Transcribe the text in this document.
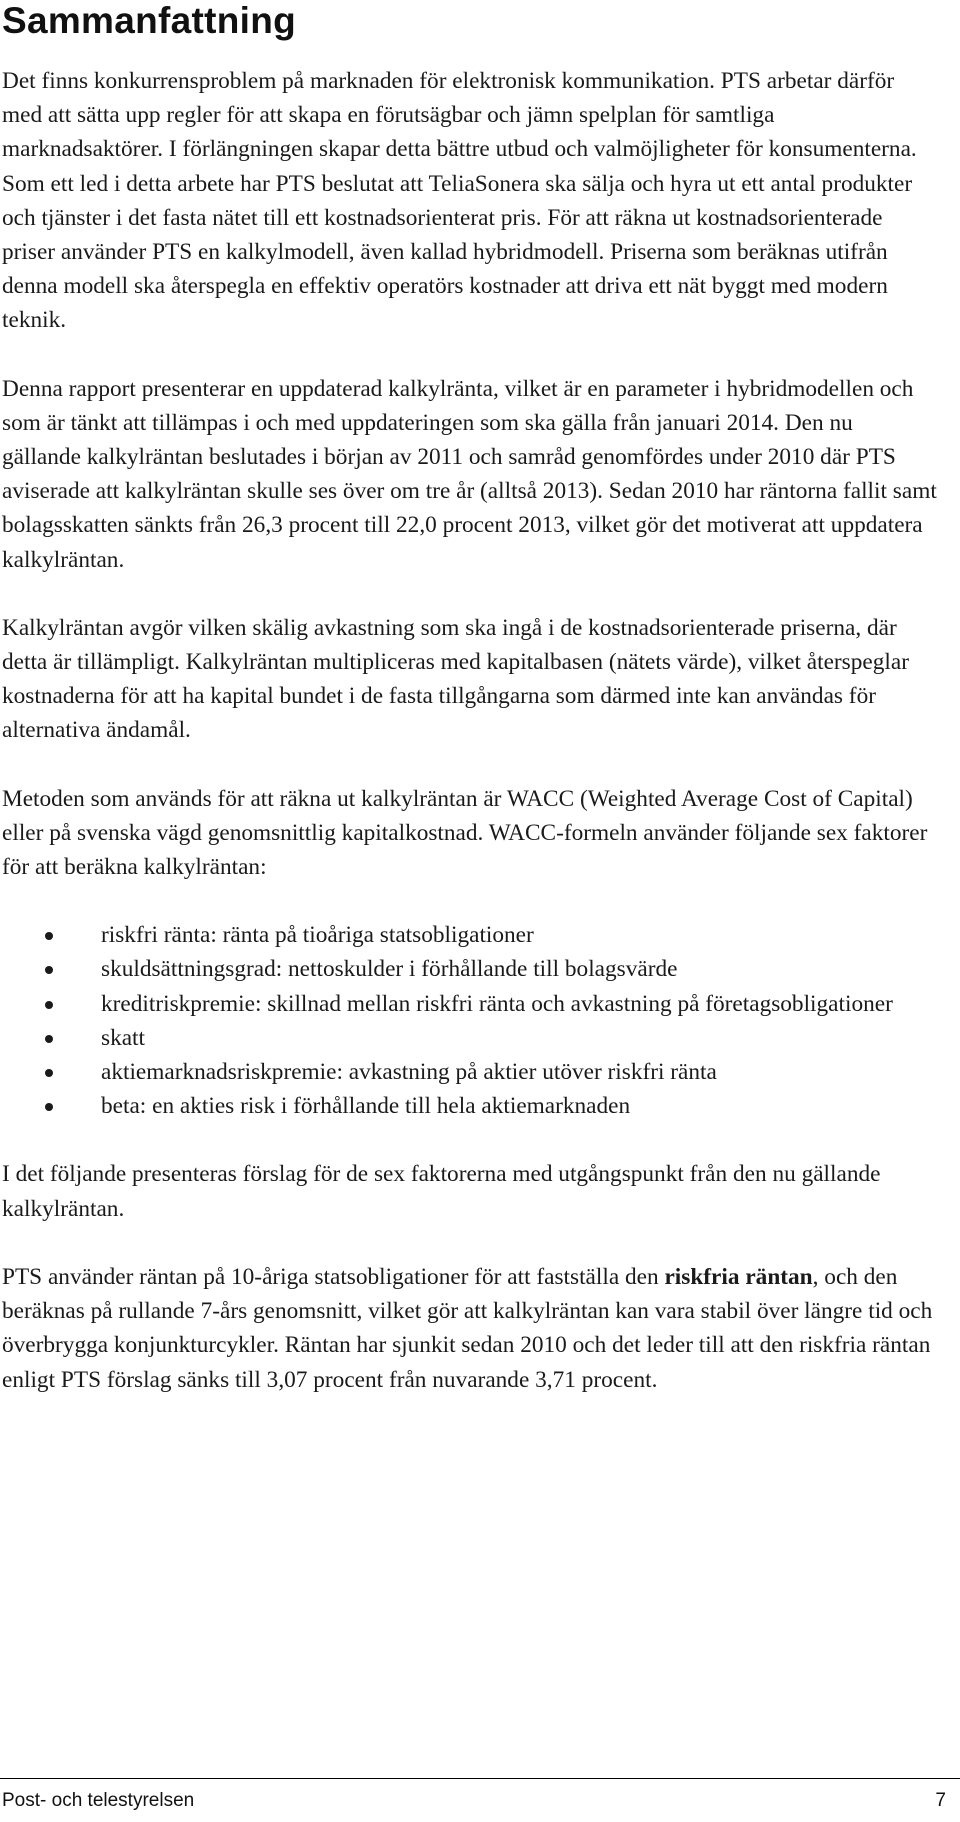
Sammanfattning

Det finns konkurrensproblem på marknaden för elektronisk kommunikation. PTS arbetar därför med att sätta upp regler för att skapa en förutsägbar och jämn spelplan för samtliga marknadsaktörer. I förlängningen skapar detta bättre utbud och valmöjligheter för konsumenterna. Som ett led i detta arbete har PTS beslutat att TeliaSonera ska sälja och hyra ut ett antal produkter och tjänster i det fasta nätet till ett kostnadsorienterat pris. För att räkna ut kostnadsorienterade priser använder PTS en kalkylmodell, även kallad hybridmodell. Priserna som beräknas utifrån denna modell ska återspegla en effektiv operatörs kostnader att driva ett nät byggt med modern teknik.

Denna rapport presenterar en uppdaterad kalkylränta, vilket är en parameter i hybridmodellen och som är tänkt att tillämpas i och med uppdateringen som ska gälla från januari 2014. Den nu gällande kalkylräntan beslutades i början av 2011 och samråd genomfördes under 2010 där PTS aviserade att kalkylräntan skulle ses över om tre år (alltså 2013). Sedan 2010 har räntorna fallit samt bolagsskatten sänkts från 26,3 procent till 22,0 procent 2013, vilket gör det motiverat att uppdatera kalkylräntan.

Kalkylräntan avgör vilken skälig avkastning som ska ingå i de kostnadsorienterade priserna, där detta är tillämpligt. Kalkylräntan multipliceras med kapitalbasen (nätets värde), vilket återspeglar kostnaderna för att ha kapital bundet i de fasta tillgångarna som därmed inte kan användas för alternativa ändamål.

Metoden som används för att räkna ut kalkylräntan är WACC (Weighted Average Cost of Capital) eller på svenska vägd genomsnittlig kapitalkostnad. WACC-formeln använder följande sex faktorer för att beräkna kalkylräntan:

riskfri ränta: ränta på tioåriga statsobligationer
skuldsättningsgrad: nettoskulder i förhållande till bolagsvärde
kreditriskpremie: skillnad mellan riskfri ränta och avkastning på företagsobligationer
skatt
aktiemarknadsriskpremie: avkastning på aktier utöver riskfri ränta
beta: en akties risk i förhållande till hela aktiemarknaden

I det följande presenteras förslag för de sex faktorerna med utgångspunkt från den nu gällande kalkylräntan.

PTS använder räntan på 10-åriga statsobligationer för att fastställa den riskfria räntan, och den beräknas på rullande 7-års genomsnitt, vilket gör att kalkylräntan kan vara stabil över längre tid och överbrygga konjunkturcykler. Räntan har sjunkit sedan 2010 och det leder till att den riskfria räntan enligt PTS förslag sänks till 3,07 procent från nuvarande 3,71 procent.

Post- och telestyrelsen	7
